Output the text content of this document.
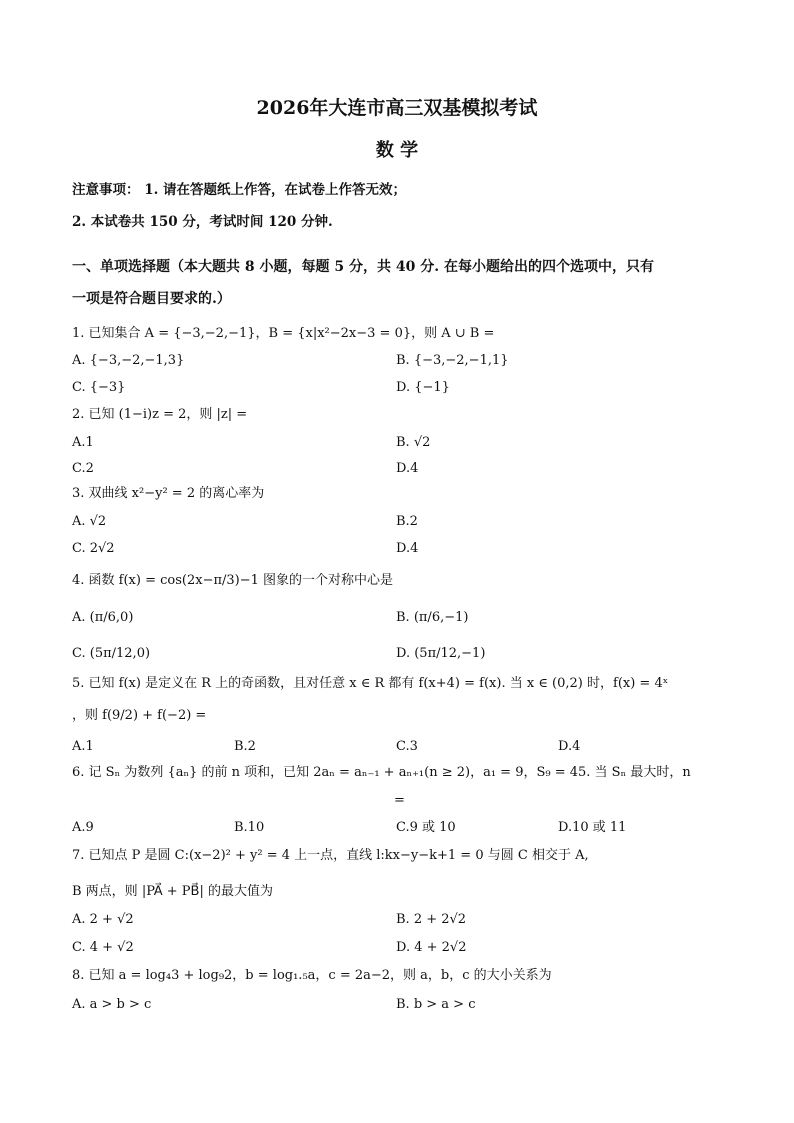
2026年大连市高三双基模拟考试
数 学
注意事项： 1. 请在答题纸上作答，在试卷上作答无效；
2. 本试卷共 150 分，考试时间 120 分钟.
一、单项选择题（本大题共 8 小题，每题 5 分，共 40 分. 在每小题给出的四个选项中，只有
一项是符合题目要求的.）
1. 已知集合 A = {−3,−2,−1}，B = {x|x²−2x−3 = 0}，则 A ∪ B =
A. {−3,−2,−1,3}	B. {−3,−2,−1,1}
C. {−3}	D. {−1}
2. 已知 (1−i)z = 2，则 |z| =
A.1	B. √2
C.2	D.4
3. 双曲线 x²−y² = 2 的离心率为
A. √2	B.2
C. 2√2	D.4
4. 函数 f(x) = cos(2x−π/3)−1 图象的一个对称中心是
A. (π/6,0)	B. (π/6,−1)
C. (5π/12,0)	D. (5π/12,−1)
5. 已知 f(x) 是定义在 R 上的奇函数，且对任意 x ∈ R 都有 f(x+4) = f(x). 当 x ∈ (0,2) 时，f(x) = 4ˣ
，则 f(9/2) + f(−2) =
A.1	B.2	C.3	D.4
6. 记 Sₙ 为数列 {aₙ} 的前 n 项和，已知 2aₙ = aₙ₋₁ + aₙ₊₁(n ≥ 2)，a₁ = 9，S₉ = 45. 当 Sₙ 最大时，n
=
A.9	B.10	C.9 或 10	D.10 或 11
7. 已知点 P 是圆 C:(x−2)² + y² = 4 上一点，直线 l:kx−y−k+1 = 0 与圆 C 相交于 A,
B 两点，则 |PA⃗ + PB⃗| 的最大值为
A. 2 + √2	B. 2 + 2√2
C. 4 + √2	D. 4 + 2√2
8. 已知 a = log₄3 + log₉2，b = log₁.₅a，c = 2a−2，则 a，b，c 的大小关系为
A. a > b > c	B. b > a > c
